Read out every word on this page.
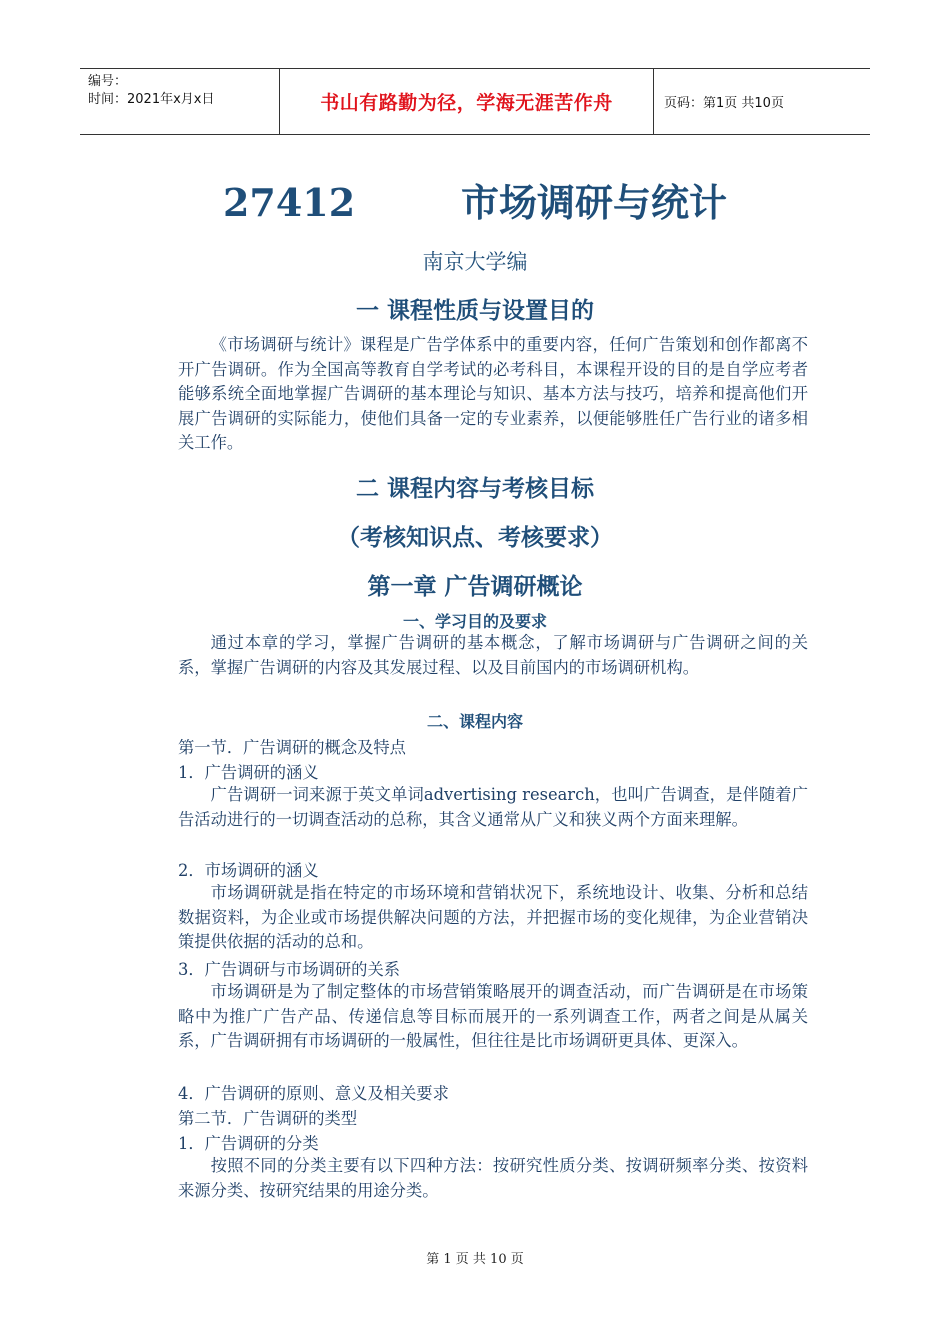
编号：
时间：2021年x月x日	书山有路勤为径，学海无涯苦作舟	页码：第1页 共10页
27412        市场调研与统计
南京大学编
一 课程性质与设置目的

《市场调研与统计》课程是广告学体系中的重要内容，任何广告策划和创作都离不开广告调研。作为全国高等教育自学考试的必考科目，本课程开设的目的是自学应考者能够系统全面地掌握广告调研的基本理论与知识、基本方法与技巧，培养和提高他们开展广告调研的实际能力，使他们具备一定的专业素养，以便能够胜任广告行业的诸多相关工作。

二 课程内容与考核目标
（考核知识点、考核要求）
第一章 广告调研概论
一、学习目的及要求

通过本章的学习，掌握广告调研的基本概念，了解市场调研与广告调研之间的关系，掌握广告调研的内容及其发展过程、以及目前国内的市场调研机构。

二、课程内容
第一节．广告调研的概念及特点
1．广告调研的涵义

广告调研一词来源于英文单词advertising research，也叫广告调查，是伴随着广告活动进行的一切调查活动的总称，其含义通常从广义和狭义两个方面来理解。

2．市场调研的涵义

市场调研就是指在特定的市场环境和营销状况下，系统地设计、收集、分析和总结数据资料，为企业或市场提供解决问题的方法，并把握市场的变化规律，为企业营销决策提供依据的活动的总和。

3．广告调研与市场调研的关系

市场调研是为了制定整体的市场营销策略展开的调查活动，而广告调研是在市场策略中为推广广告产品、传递信息等目标而展开的一系列调查工作，两者之间是从属关系，广告调研拥有市场调研的一般属性，但往往是比市场调研更具体、更深入。

4．广告调研的原则、意义及相关要求
第二节．广告调研的类型
1．广告调研的分类

按照不同的分类主要有以下四种方法：按研究性质分类、按调研频率分类、按资料来源分类、按研究结果的用途分类。

第 1 页 共 10 页
